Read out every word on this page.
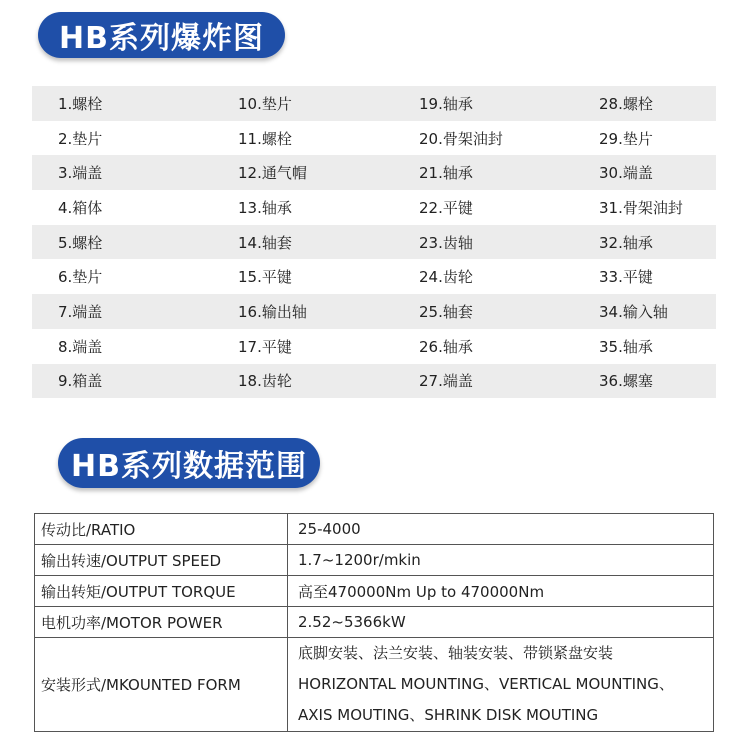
HB系列爆炸图
1.螺栓	10.垫片	19.轴承	28.螺栓
2.垫片	11.螺栓	20.骨架油封	29.垫片
3.端盖	12.通气帽	21.轴承	30.端盖
4.箱体	13.轴承	22.平键	31.骨架油封
5.螺栓	14.轴套	23.齿轴	32.轴承
6.垫片	15.平键	24.齿轮	33.平键
7.端盖	16.输出轴	25.轴套	34.输入轴
8.端盖	17.平键	26.轴承	35.轴承
9.箱盖	18.齿轮	27.端盖	36.螺塞
HB系列数据范围
传动比/RATIO	25-4000
输出转速/OUTPUT SPEED	1.7~1200r/mkin
输出转矩/OUTPUT TORQUE	高至470000Nm Up to 470000Nm
电机功率/MOTOR POWER	2.52~5366kW
安装形式/MKOUNTED FORM	底脚安装、法兰安装、轴装安装、带锁紧盘安装
HORIZONTAL MOUNTING、VERTICAL MOUNTING、
AXIS MOUTING、SHRINK DISK MOUTING
